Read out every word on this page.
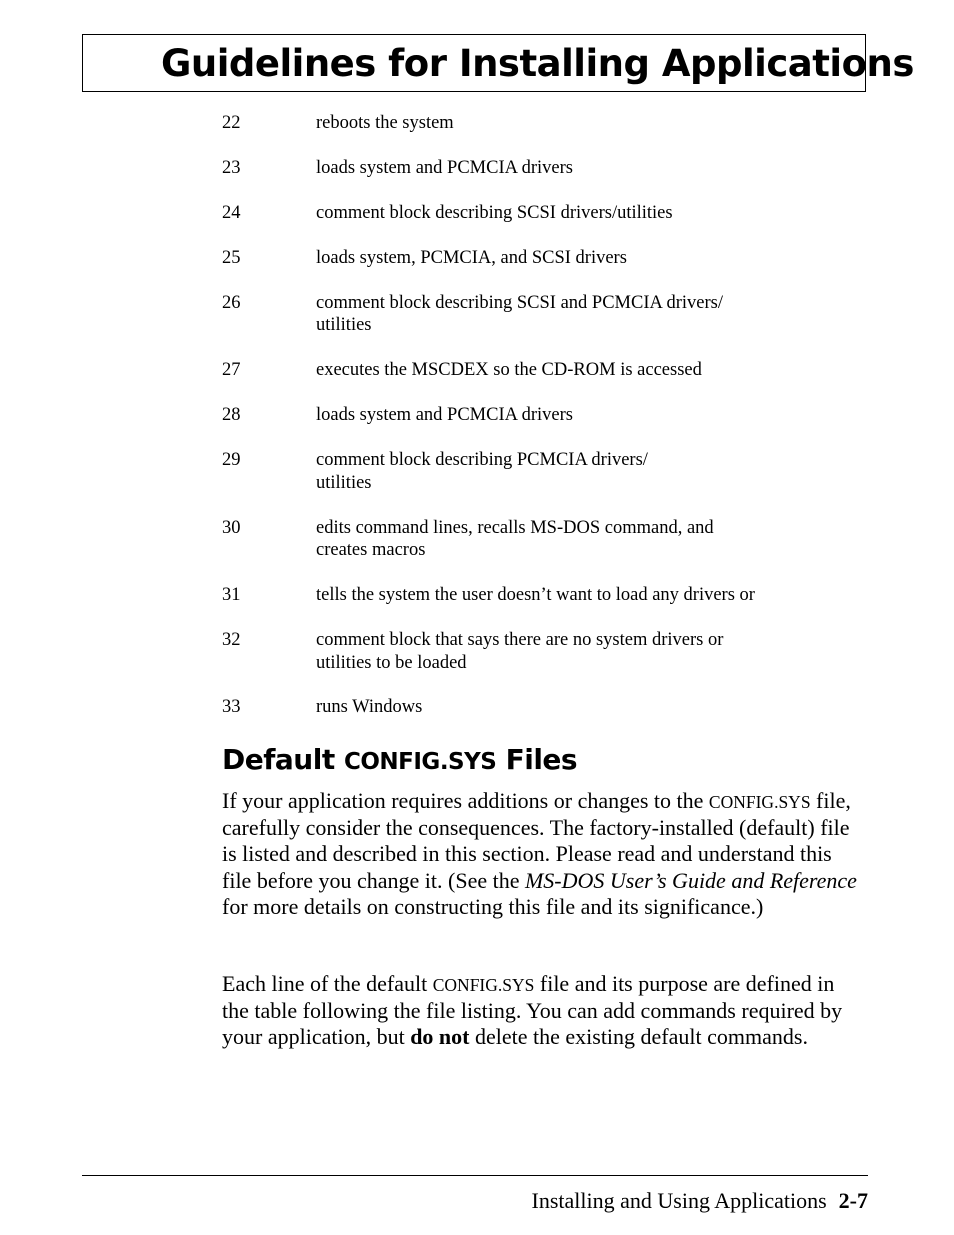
Guidelines for Installing Applications
22	reboots the system
23	loads system and PCMCIA drivers
24	comment block describing SCSI drivers/utilities
25	loads system, PCMCIA, and SCSI drivers
26	comment block describing SCSI and PCMCIA drivers/
utilities
27	executes the MSCDEX so the CD-ROM is accessed
28	loads system and PCMCIA drivers
29	comment block describing PCMCIA drivers/
utilities
30	edits command lines, recalls MS-DOS command, and
creates macros
31	tells the system the user doesn’t want to load any drivers or
32	comment block that says there are no system drivers or
utilities to be loaded
33	runs Windows
Default CONFIG.SYS Files

If your application requires additions or changes to the CONFIG.SYS file, carefully consider the consequences. The factory-installed (default) file is listed and described in this section. Please read and understand this file before you change it. (See the MS-DOS User’s Guide and Reference for more details on constructing this file and its significance.)

Each line of the default CONFIG.SYS file and its purpose are defined in the table following the file listing. You can add commands required by your application, but do not delete the existing default commands.

Installing and Using Applications 2-7
